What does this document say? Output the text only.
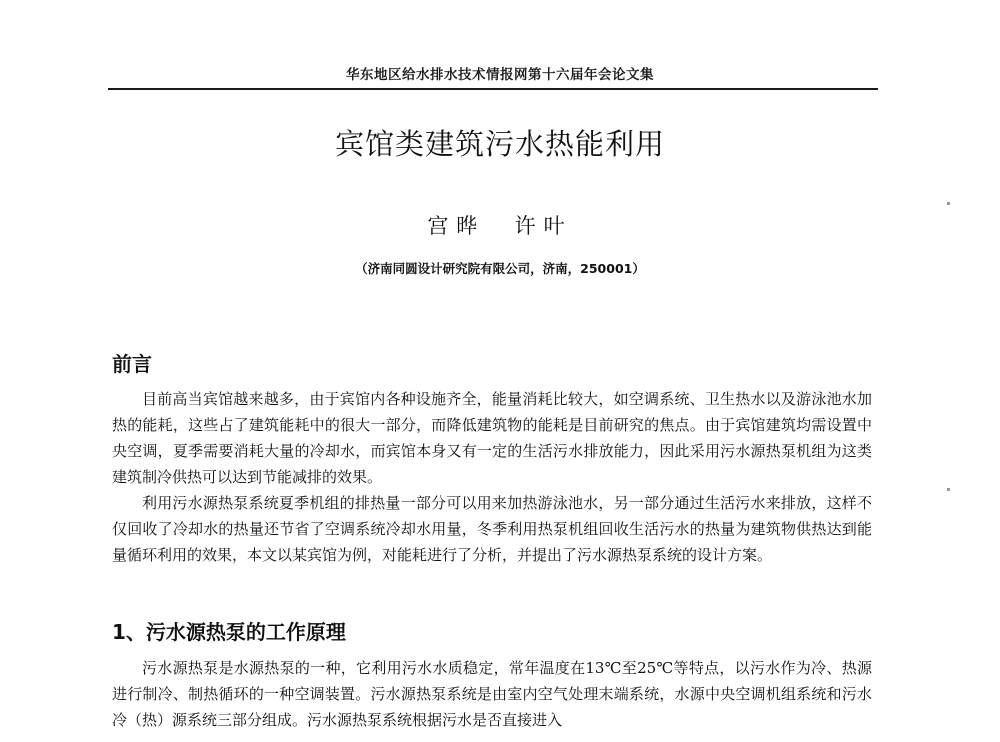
华东地区给水排水技术情报网第十六届年会论文集
宾馆类建筑污水热能利用
宫晔  许叶
（济南同圆设计研究院有限公司，济南，250001）
前言

目前高当宾馆越来越多，由于宾馆内各种设施齐全，能量消耗比较大，如空调系统、卫生热水以及游泳池水加热的能耗，这些占了建筑能耗中的很大一部分，而降低建筑物的能耗是目前研究的焦点。由于宾馆建筑均需设置中央空调，夏季需要消耗大量的冷却水，而宾馆本身又有一定的生活污水排放能力，因此采用污水源热泵机组为这类建筑制冷供热可以达到节能减排的效果。

利用污水源热泵系统夏季机组的排热量一部分可以用来加热游泳池水，另一部分通过生活污水来排放，这样不仅回收了冷却水的热量还节省了空调系统冷却水用量，冬季利用热泵机组回收生活污水的热量为建筑物供热达到能量循环利用的效果，本文以某宾馆为例，对能耗进行了分析，并提出了污水源热泵系统的设计方案。

1、污水源热泵的工作原理

污水源热泵是水源热泵的一种，它利用污水水质稳定，常年温度在13℃至25℃等特点，以污水作为冷、热源进行制冷、制热循环的一种空调装置。污水源热泵系统是由室内空气处理末端系统，水源中央空调机组系统和污水冷（热）源系统三部分组成。污水源热泵系统根据污水是否直接进入
